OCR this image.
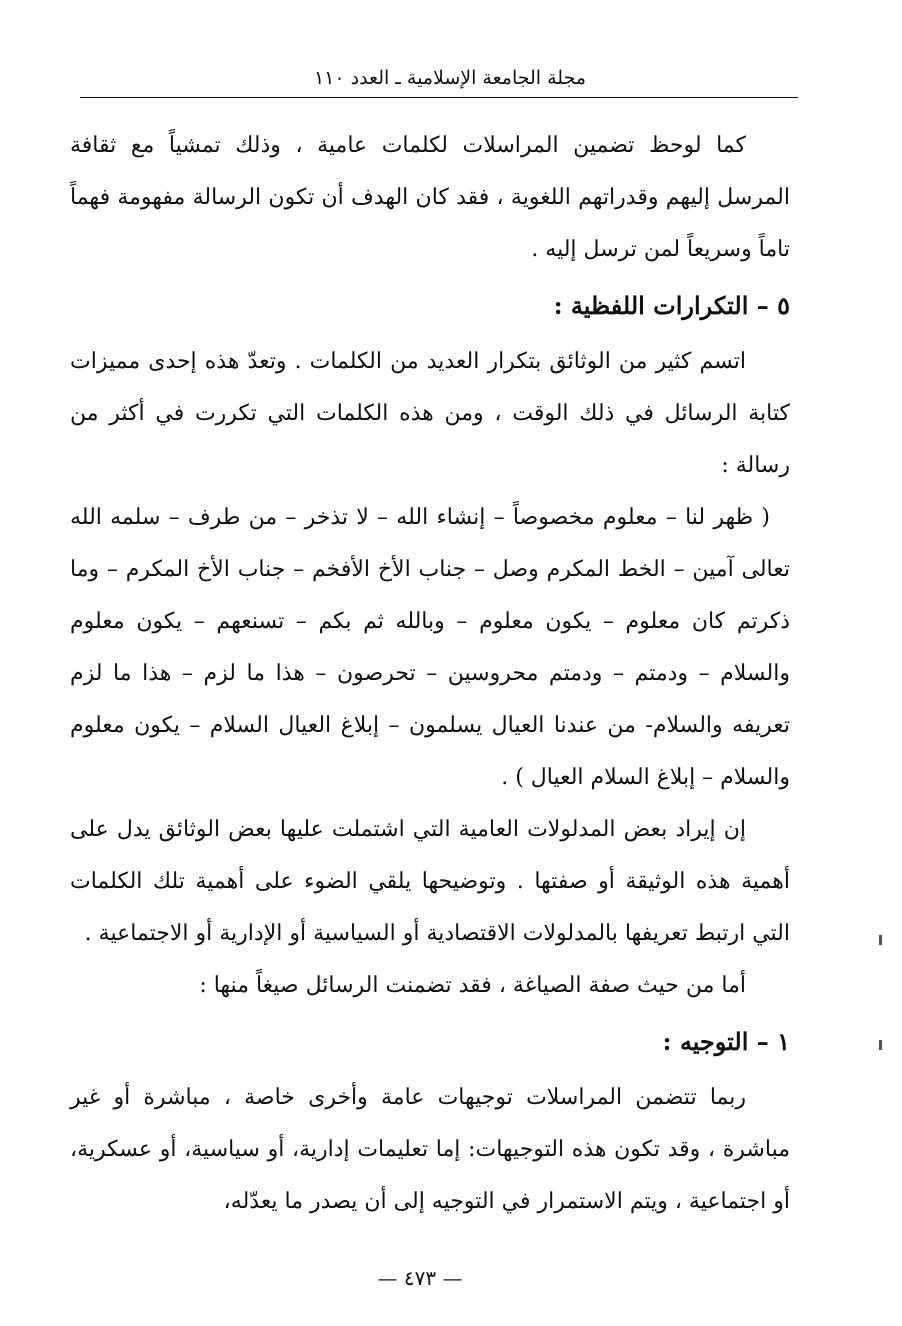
مجلة الجامعة الإسلامية ـ العدد ١١٠

كما لوحظ تضمين المراسلات لكلمات عامية ، وذلك تمشياً مع ثقافة المرسل إليهم وقدراتهم اللغوية ، فقد كان الهدف أن تكون الرسالة مفهومة فهماً تاماً وسريعاً لمن ترسل إليه .

٥ – التكرارات اللفظية :

اتسم كثير من الوثائق بتكرار العديد من الكلمات . وتعدّ هذه إحدى مميزات كتابة الرسائل في ذلك الوقت ، ومن هذه الكلمات التي تكررت في أكثر من رسالة :

( ظهر لنا – معلوم مخصوصاً – إنشاء الله – لا تذخر – من طرف – سلمه الله تعالى آمين – الخط المكرم وصل – جناب الأخ الأفخم – جناب الأخ المكرم – وما ذكرتم كان معلوم – يكون معلوم – وبالله ثم بكم – تسنعهم – يكون معلوم والسلام – ودمتم – ودمتم محروسين – تحرصون – هذا ما لزم – هذا ما لزم تعريفه والسلام- من عندنا العيال يسلمون – إبلاغ العيال السلام – يكون معلوم والسلام – إبلاغ السلام العيال ) .

إن إيراد بعض المدلولات العامية التي اشتملت عليها بعض الوثائق يدل على أهمية هذه الوثيقة أو صفتها . وتوضيحها يلقي الضوء على أهمية تلك الكلمات التي ارتبط تعريفها بالمدلولات الاقتصادية أو السياسية أو الإدارية أو الاجتماعية .

أما من حيث صفة الصياغة ، فقد تضمنت الرسائل صيغاً منها :

١ – التوجيه :

ربما تتضمن المراسلات توجيهات عامة وأخرى خاصة ، مباشرة أو غير مباشرة ، وقد تكون هذه التوجيهات: إما تعليمات إدارية، أو سياسية، أو عسكرية، أو اجتماعية ، ويتم الاستمرار في التوجيه إلى أن يصدر ما يعدّله،

— ٤٧٣ —
